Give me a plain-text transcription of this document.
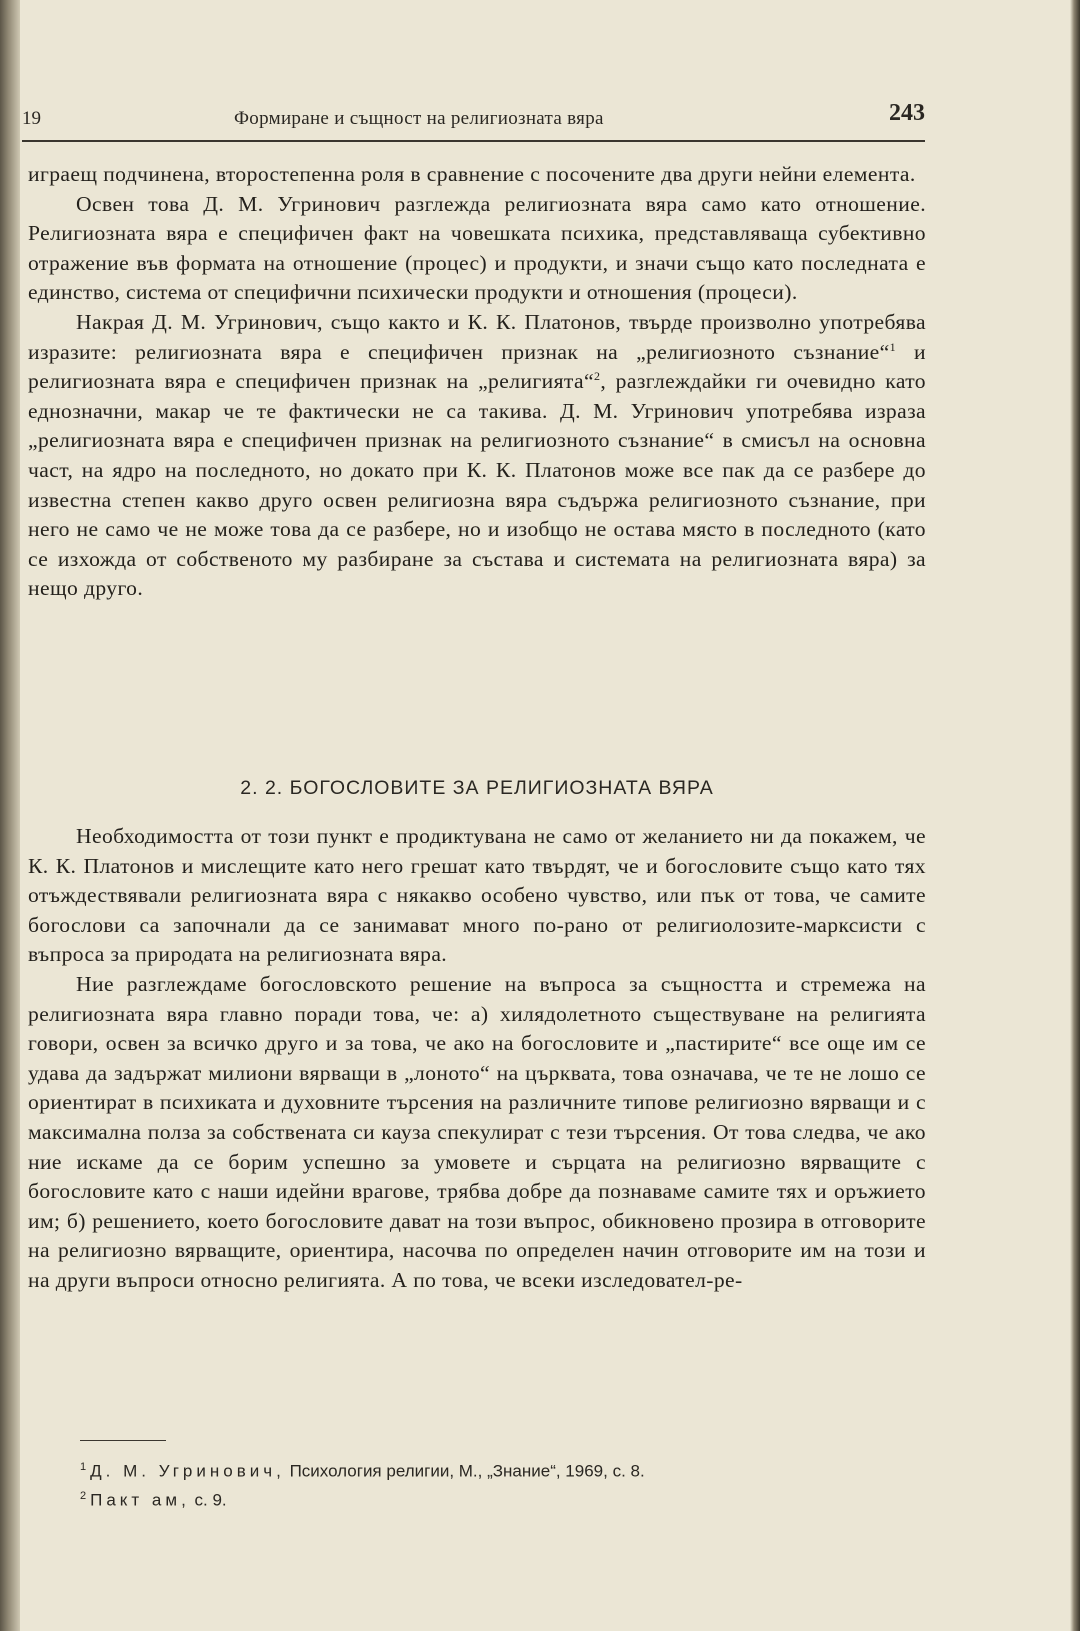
19	Формиране и същност на религиозната вяра	243

играещ подчинена, второстепенна роля в сравнение с посочените два други нейни елемента.

Освен това Д. М. Угринович разглежда религиозната вяра само като отношение. Религиозната вяра е специфичен факт на човешката психика, представляваща субективно отражение във формата на отношение (процес) и продукти, и значи също като последната е единство, система от специфични психически продукти и отношения (процеси).

Накрая Д. М. Угринович, също както и К. К. Платонов, твърде произволно употребява изразите: религиозната вяра е специфичен признак на „религиозното съзнание“$^1$ и религиозната вяра е специфичен признак на „религията“$^2$, разглеждайки ги очевидно като еднозначни, макар че те фактически не са такива. Д. М. Угринович употребява израза „религиозната вяра е специфичен признак на религиозното съзнание“ в смисъл на основна част, на ядро на последното, но докато при К. К. Платонов може все пак да се разбере до известна степен какво друго освен религиозна вяра съдържа религиозното съзнание, при него не само че не може това да се разбере, но и изобщо не остава място в последното (като се изхожда от собственото му разбиране за състава и системата на религиозната вяра) за нещо друго.

2. 2. БОГОСЛОВИТЕ ЗА РЕЛИГИОЗНАТА ВЯРА

Необходимостта от този пункт е продиктувана не само от желанието ни да покажем, че К. К. Платонов и мислещите като него грешат като твърдят, че и богословите също като тях отъждествявали религиозната вяра с някакво особено чувство, или пък от това, че самите богослови са започнали да се занимават много по-рано от религиолозите-марксисти с въпроса за природата на религиозната вяра.

Ние разглеждаме богословското решение на въпроса за същността и стремежа на религиозната вяра главно поради това, че: а) хилядолетното съществуване на религията говори, освен за всичко друго и за това, че ако на богословите и „пастирите“ все още им се удава да задържат милиони вярващи в „лоното“ на църквата, това означава, че те не лошо се ориентират в психиката и духовните търсения на различните типове религиозно вярващи и с максимална полза за собствената си кауза спекулират с тези търсения. От това следва, че ако ние искаме да се борим успешно за умовете и сърцата на религиозно вярващите с богословите като с наши идейни врагове, трябва добре да познаваме самите тях и оръжието им; б) решението, което богословите дават на този въпрос, обикновено прозира в отговорите на религиозно вярващите, ориентира, насочва по определен начин отговорите им на този и на други въпроси относно религията. А по това, че всеки изследовател-ре-

$^1$ Д. М. Угринович, Психология религии, М., „Знание“, 1969, с. 8.
$^2$ Пакт ам, с. 9.
